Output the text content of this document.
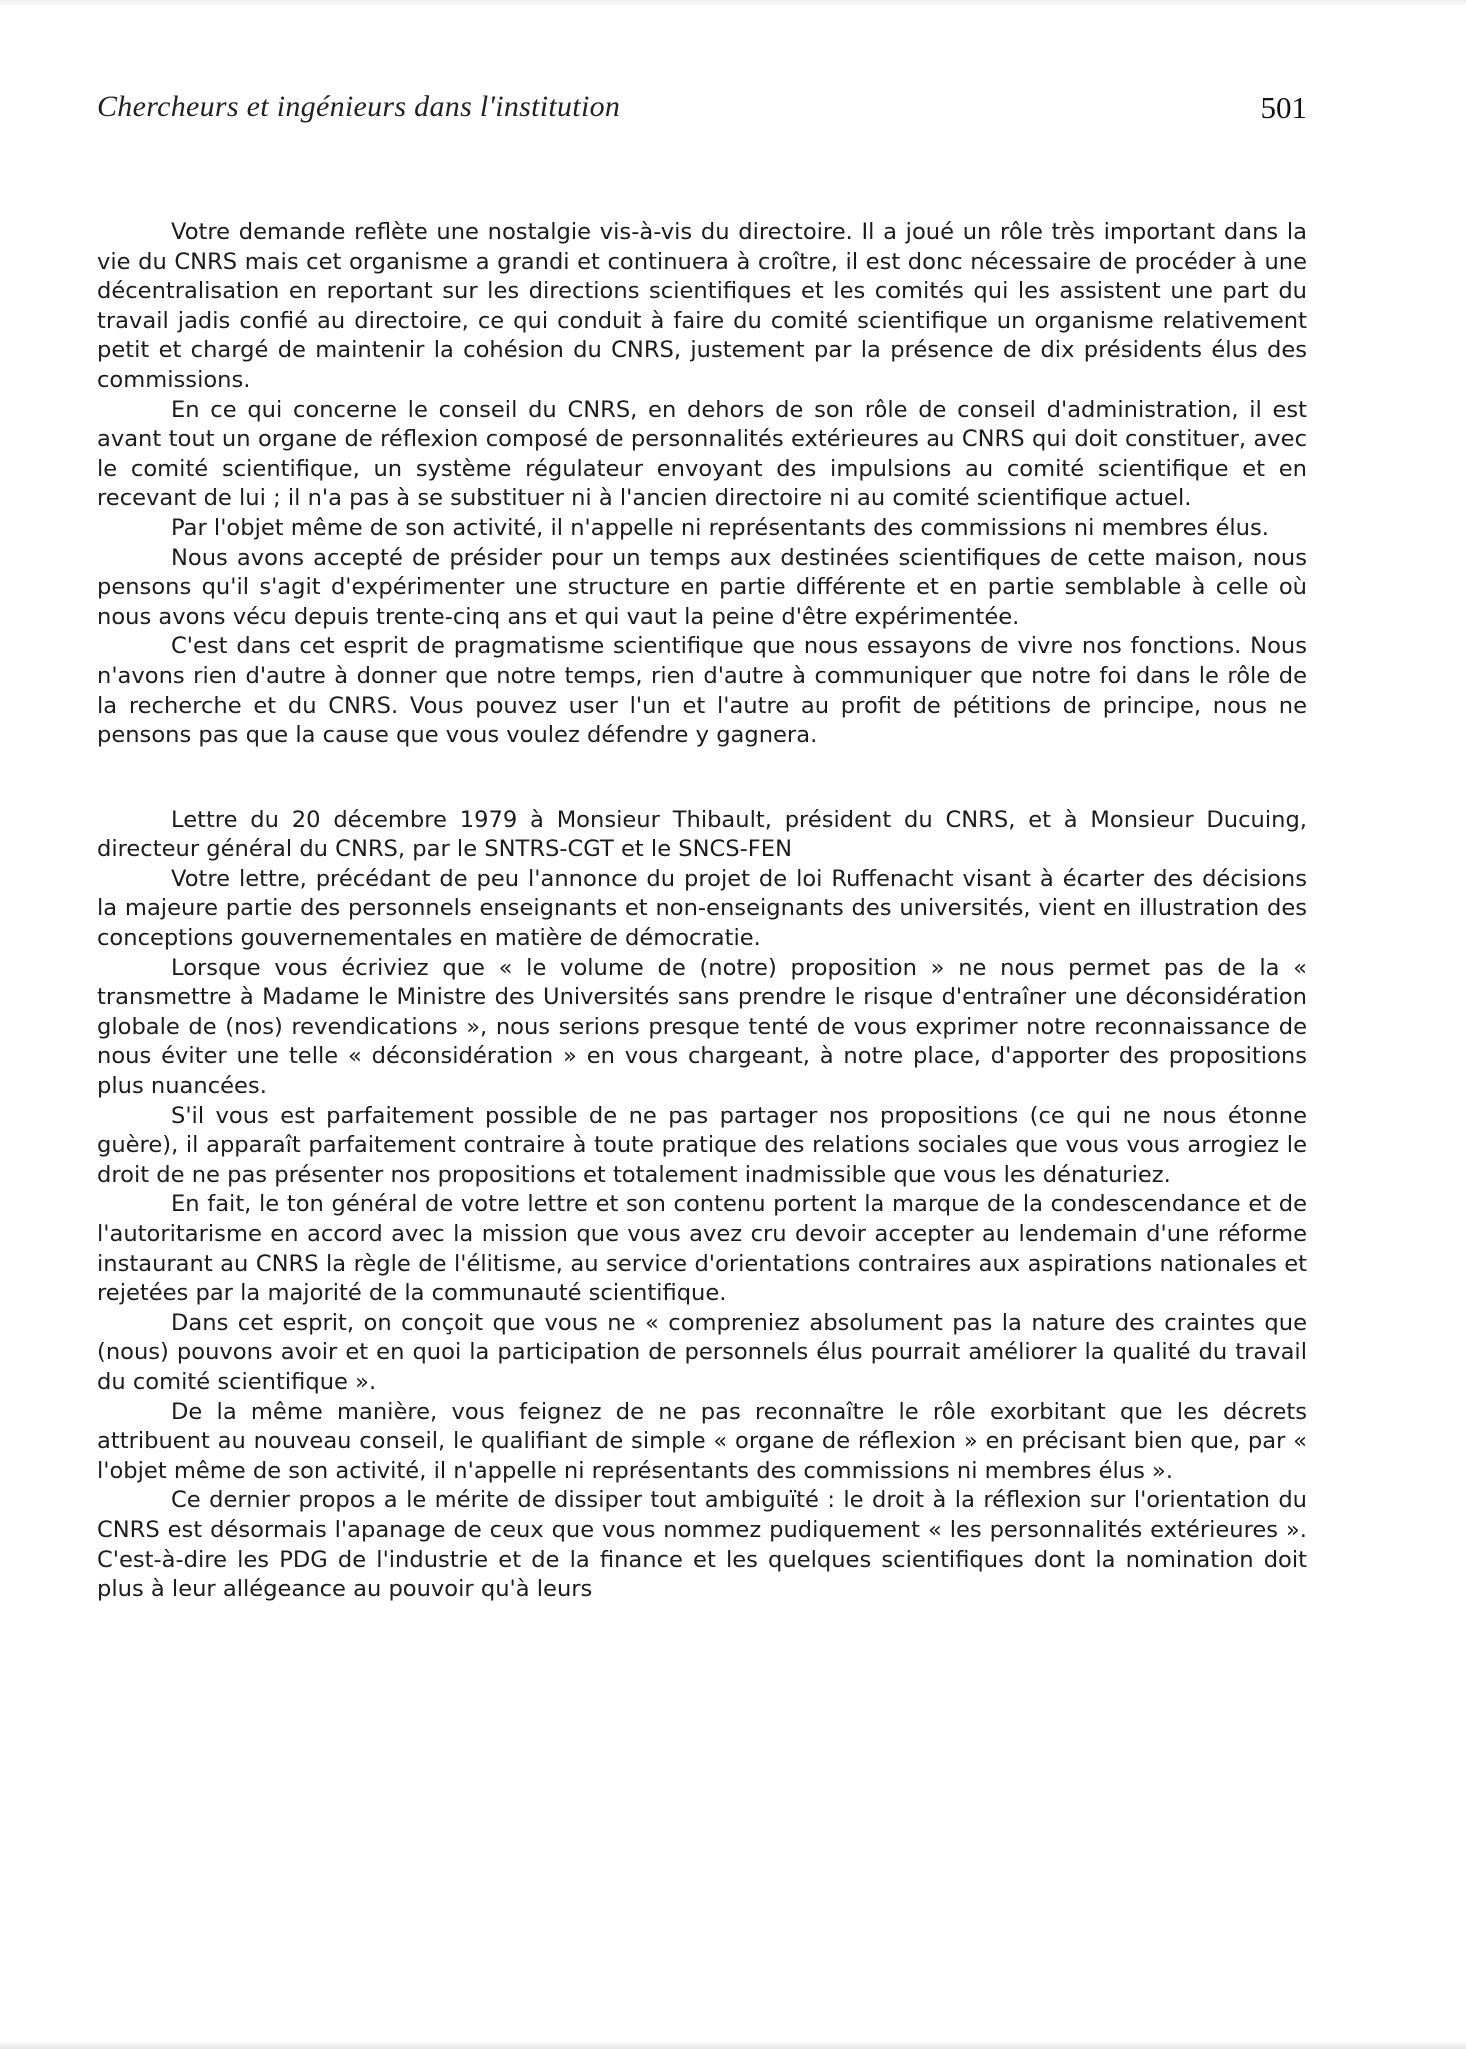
Chercheurs et ingénieurs dans l'institution	501

Votre demande reflète une nostalgie vis-à-vis du directoire. Il a joué un rôle très important dans la vie du CNRS mais cet organisme a grandi et continuera à croître, il est donc nécessaire de procéder à une décentralisation en reportant sur les directions scientifiques et les comités qui les assistent une part du travail jadis confié au directoire, ce qui conduit à faire du comité scientifique un organisme relativement petit et chargé de maintenir la cohésion du CNRS, justement par la présence de dix présidents élus des commissions.

En ce qui concerne le conseil du CNRS, en dehors de son rôle de conseil d'administration, il est avant tout un organe de réflexion composé de personnalités extérieures au CNRS qui doit constituer, avec le comité scientifique, un système régulateur envoyant des impulsions au comité scientifique et en recevant de lui ; il n'a pas à se substituer ni à l'ancien directoire ni au comité scientifique actuel.

Par l'objet même de son activité, il n'appelle ni représentants des commissions ni membres élus.

Nous avons accepté de présider pour un temps aux destinées scientifiques de cette maison, nous pensons qu'il s'agit d'expérimenter une structure en partie différente et en partie semblable à celle où nous avons vécu depuis trente-cinq ans et qui vaut la peine d'être expérimentée.

C'est dans cet esprit de pragmatisme scientifique que nous essayons de vivre nos fonctions. Nous n'avons rien d'autre à donner que notre temps, rien d'autre à communiquer que notre foi dans le rôle de la recherche et du CNRS. Vous pouvez user l'un et l'autre au profit de pétitions de principe, nous ne pensons pas que la cause que vous voulez défendre y gagnera.

Lettre du 20 décembre 1979 à Monsieur Thibault, président du CNRS, et à Monsieur Ducuing, directeur général du CNRS, par le SNTRS-CGT et le SNCS-FEN

Votre lettre, précédant de peu l'annonce du projet de loi Ruffenacht visant à écarter des décisions la majeure partie des personnels enseignants et non-enseignants des universités, vient en illustration des conceptions gouvernementales en matière de démocratie.

Lorsque vous écriviez que « le volume de (notre) proposition » ne nous permet pas de la « transmettre à Madame le Ministre des Universités sans prendre le risque d'entraîner une déconsidération globale de (nos) revendications », nous serions presque tenté de vous exprimer notre reconnaissance de nous éviter une telle « déconsidération » en vous chargeant, à notre place, d'apporter des propositions plus nuancées.

S'il vous est parfaitement possible de ne pas partager nos propositions (ce qui ne nous étonne guère), il apparaît parfaitement contraire à toute pratique des relations sociales que vous vous arrogiez le droit de ne pas présenter nos propositions et totalement inadmissible que vous les dénaturiez.

En fait, le ton général de votre lettre et son contenu portent la marque de la condescendance et de l'autoritarisme en accord avec la mission que vous avez cru devoir accepter au lendemain d'une réforme instaurant au CNRS la règle de l'élitisme, au service d'orientations contraires aux aspirations nationales et rejetées par la majorité de la communauté scientifique.

Dans cet esprit, on conçoit que vous ne « compreniez absolument pas la nature des craintes que (nous) pouvons avoir et en quoi la participation de personnels élus pourrait améliorer la qualité du travail du comité scientifique ».

De la même manière, vous feignez de ne pas reconnaître le rôle exorbitant que les décrets attribuent au nouveau conseil, le qualifiant de simple « organe de réflexion » en précisant bien que, par « l'objet même de son activité, il n'appelle ni représentants des commissions ni membres élus ».

Ce dernier propos a le mérite de dissiper tout ambiguïté : le droit à la réflexion sur l'orientation du CNRS est désormais l'apanage de ceux que vous nommez pudiquement « les personnalités extérieures ». C'est-à-dire les PDG de l'industrie et de la finance et les quelques scientifiques dont la nomination doit plus à leur allégeance au pouvoir qu'à leurs
